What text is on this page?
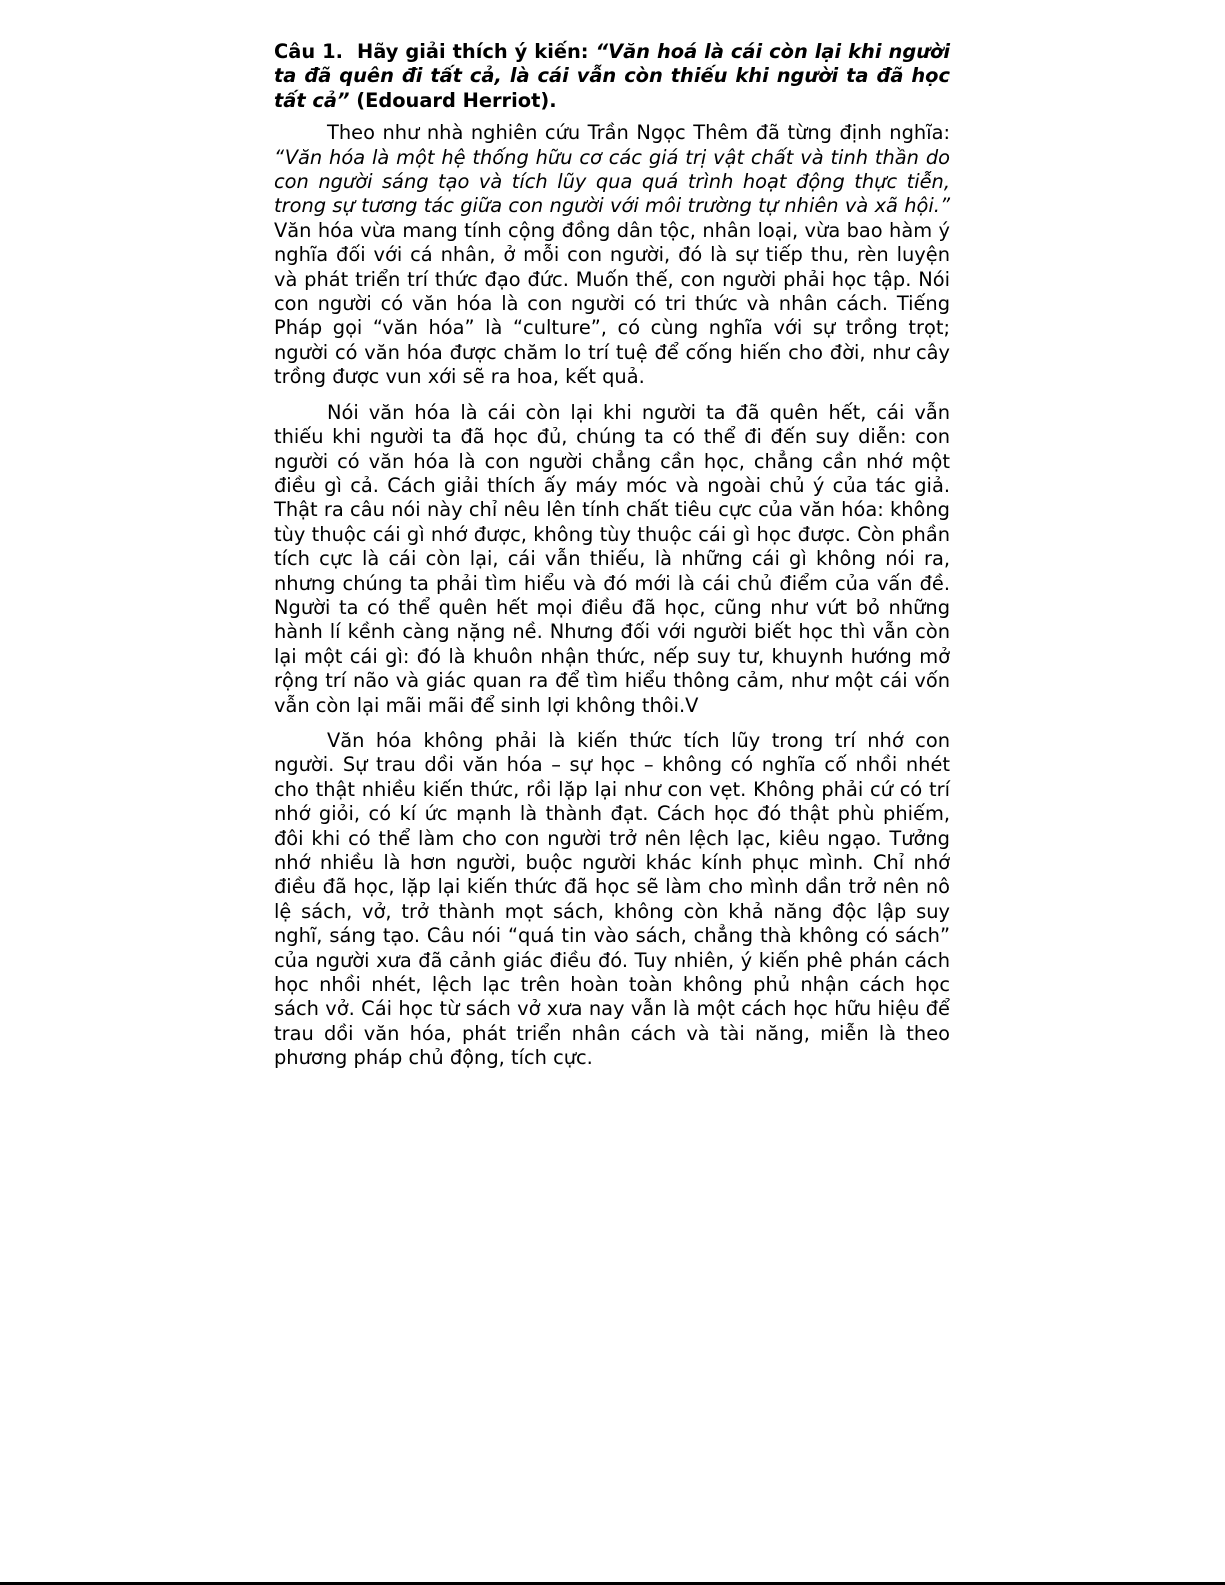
Câu 1. Hãy giải thích ý kiến: “Văn hoá là cái còn lại khi người ta đã quên đi tất cả, là cái vẫn còn thiếu khi người ta đã học tất cả” (Edouard Herriot).

Theo như nhà nghiên cứu Trần Ngọc Thêm đã từng định nghĩa: “Văn hóa là một hệ thống hữu cơ các giá trị vật chất và tinh thần do con người sáng tạo và tích lũy qua quá trình hoạt động thực tiễn, trong sự tương tác giữa con người với môi trường tự nhiên và xã hội.” Văn hóa vừa mang tính cộng đồng dân tộc, nhân loại, vừa bao hàm ý nghĩa đối với cá nhân, ở mỗi con người, đó là sự tiếp thu, rèn luyện và phát triển trí thức đạo đức. Muốn thế, con người phải học tập. Nói con người có văn hóa là con người có tri thức và nhân cách. Tiếng Pháp gọi “văn hóa” là “culture”, có cùng nghĩa với sự trồng trọt; người có văn hóa được chăm lo trí tuệ để cống hiến cho đời, như cây trồng được vun xới sẽ ra hoa, kết quả.

Nói văn hóa là cái còn lại khi người ta đã quên hết, cái vẫn thiếu khi người ta đã học đủ, chúng ta có thể đi đến suy diễn: con người có văn hóa là con người chẳng cần học, chẳng cần nhớ một điều gì cả. Cách giải thích ấy máy móc và ngoài chủ ý của tác giả. Thật ra câu nói này chỉ nêu lên tính chất tiêu cực của văn hóa: không tùy thuộc cái gì nhớ được, không tùy thuộc cái gì học được. Còn phần tích cực là cái còn lại, cái vẫn thiếu, là những cái gì không nói ra, nhưng chúng ta phải tìm hiểu và đó mới là cái chủ điểm của vấn đề. Người ta có thể quên hết mọi điều đã học, cũng như vứt bỏ những hành lí kềnh càng nặng nề. Nhưng đối với người biết học thì vẫn còn lại một cái gì: đó là khuôn nhận thức, nếp suy tư, khuynh hướng mở rộng trí não và giác quan ra để tìm hiểu thông cảm, như một cái vốn vẫn còn lại mãi mãi để sinh lợi không thôi.V

Văn hóa không phải là kiến thức tích lũy trong trí nhớ con người. Sự trau dồi văn hóa – sự học – không có nghĩa cố nhồi nhét cho thật nhiều kiến thức, rồi lặp lại như con vẹt. Không phải cứ có trí nhớ giỏi, có kí ức mạnh là thành đạt. Cách học đó thật phù phiếm, đôi khi có thể làm cho con người trở nên lệch lạc, kiêu ngạo. Tưởng nhớ nhiều là hơn người, buộc người khác kính phục mình. Chỉ nhớ điều đã học, lặp lại kiến thức đã học sẽ làm cho mình dần trở nên nô lệ sách, vở, trở thành mọt sách, không còn khả năng độc lập suy nghĩ, sáng tạo. Câu nói “quá tin vào sách, chẳng thà không có sách” của người xưa đã cảnh giác điều đó. Tuy nhiên, ý kiến phê phán cách học nhồi nhét, lệch lạc trên hoàn toàn không phủ nhận cách học sách vở. Cái học từ sách vở xưa nay vẫn là một cách học hữu hiệu để trau dồi văn hóa, phát triển nhân cách và tài năng, miễn là theo phương pháp chủ động, tích cực.
